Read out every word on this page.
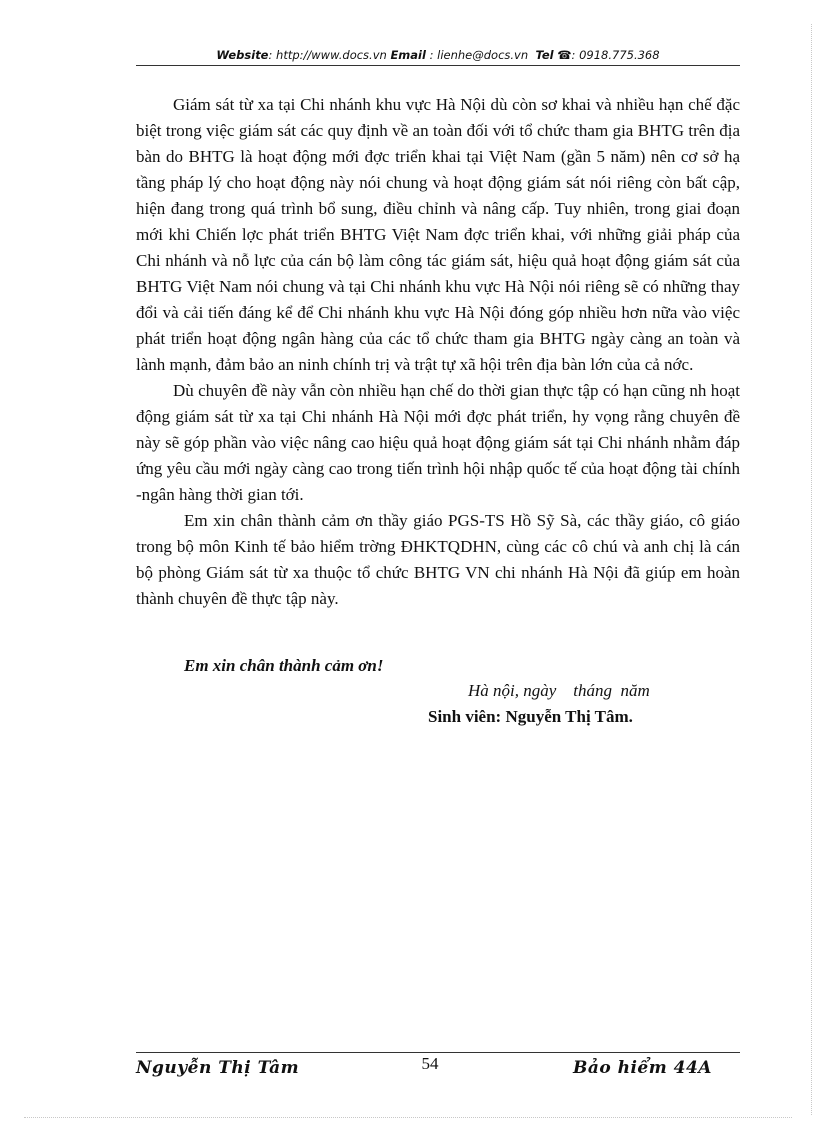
Website: http://www.docs.vn Email : lienhe@docs.vn Tel ☎: 0918.775.368

Giám sát từ xa tại Chi nhánh khu vực Hà Nội dù còn sơ khai và nhiều hạn chế đặc biệt trong việc giám sát các quy định về an toàn đối với tổ chức tham gia BHTG trên địa bàn do BHTG là hoạt động mới đợc triển khai tại Việt Nam (gần 5 năm) nên cơ sở hạ tầng pháp lý cho hoạt động này nói chung và hoạt động giám sát nói riêng còn bất cập, hiện đang trong quá trình bổ sung, điều chỉnh và nâng cấp. Tuy nhiên, trong giai đoạn mới khi Chiến lợc phát triển BHTG Việt Nam đợc triển khai, với những giải pháp của Chi nhánh và nỗ lực của cán bộ làm công tác giám sát, hiệu quả hoạt động giám sát của BHTG Việt Nam nói chung và tại Chi nhánh khu vực Hà Nội nói riêng sẽ có những thay đổi và cải tiến đáng kể để Chi nhánh khu vực Hà Nội đóng góp nhiều hơn nữa vào việc phát triển hoạt động ngân hàng của các tổ chức tham gia BHTG ngày càng an toàn và lành mạnh, đảm bảo an ninh chính trị và trật tự xã hội trên địa bàn lớn của cả nớc.

Dù chuyên đề này vẫn còn nhiều hạn chế do thời gian thực tập có hạn cũng nh hoạt động giám sát từ xa tại Chi nhánh Hà Nội mới đợc phát triển, hy vọng rằng chuyên đề này sẽ góp phần vào việc nâng cao hiệu quả hoạt động giám sát tại Chi nhánh nhằm đáp ứng yêu cầu mới ngày càng cao trong tiến trình hội nhập quốc tế của hoạt động tài chính -ngân hàng thời gian tới.

Em xin chân thành cảm ơn thầy giáo PGS-TS Hồ Sỹ Sà, các thầy giáo, cô giáo trong bộ môn Kinh tế bảo hiểm trờng ĐHKTQDHN, cùng các cô chú và anh chị là cán bộ phòng Giám sát từ xa thuộc tổ chức BHTG VN chi nhánh Hà Nội đã giúp em hoàn thành chuyên đề thực tập này.

Em xin chân thành cảm ơn!
Hà nội, ngày    tháng  năm
Sinh viên: Nguyễn Thị Tâm.
Nguyễn Thị Tâm	54	Bảo hiểm 44A
